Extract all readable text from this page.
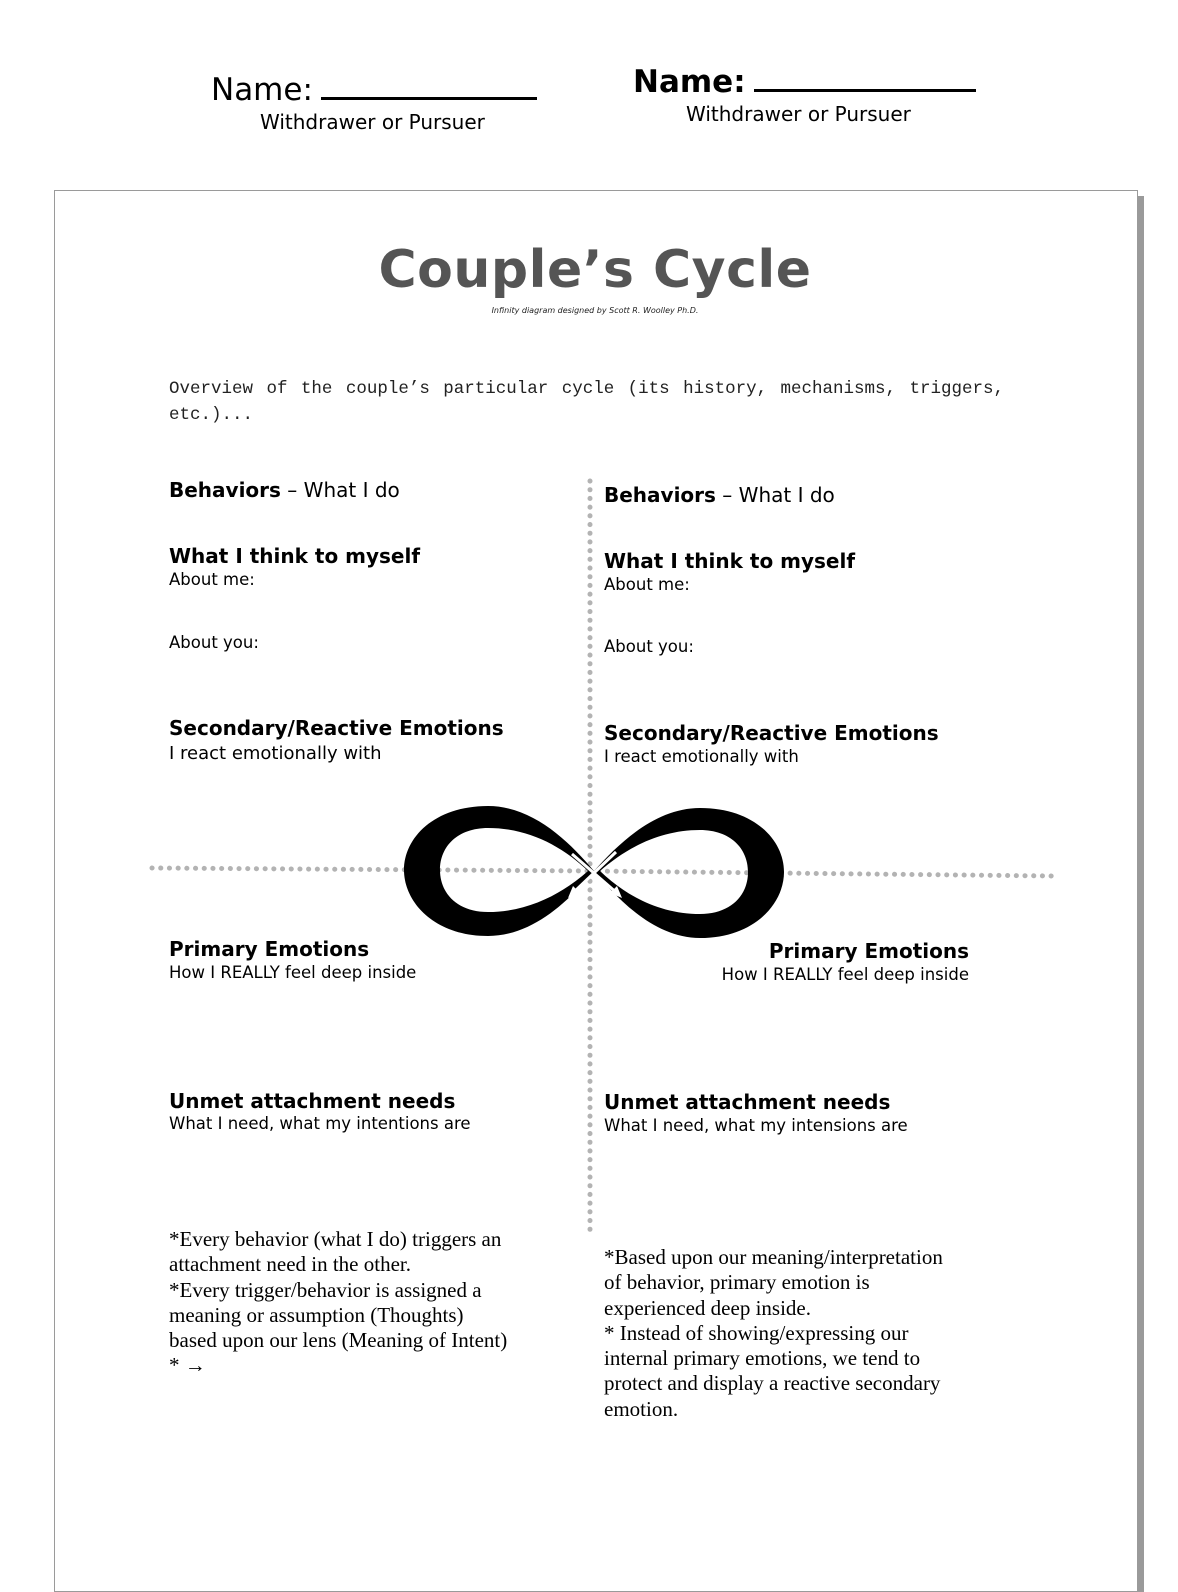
Name:
Withdrawer or Pursuer
Name:
Withdrawer or Pursuer
Couple’s Cycle
Infinity diagram designed by Scott R. Woolley Ph.D.
Overview of the couple’s particular cycle (its history, mechanisms, triggers, etc.)...
Behaviors – What I do
What I think to myself
About me:
About you:
Secondary/Reactive Emotions
I react emotionally with
Primary Emotions
How I REALLY feel deep inside
Unmet attachment needs
What I need, what my intentions are
*Every behavior (what I do) triggers an
attachment need in the other.
*Every trigger/behavior is assigned a
meaning or assumption (Thoughts)
based upon our lens (Meaning of Intent)
* →
Behaviors – What I do
What I think to myself
About me:
About you:
Secondary/Reactive Emotions
I react emotionally with
Primary Emotions
How I REALLY feel deep inside
Unmet attachment needs
What I need, what my intensions are
*Based upon our meaning/interpretation
of behavior, primary emotion is
experienced deep inside.
* Instead of showing/expressing our
internal primary emotions, we tend to
protect and display a reactive secondary
emotion.
